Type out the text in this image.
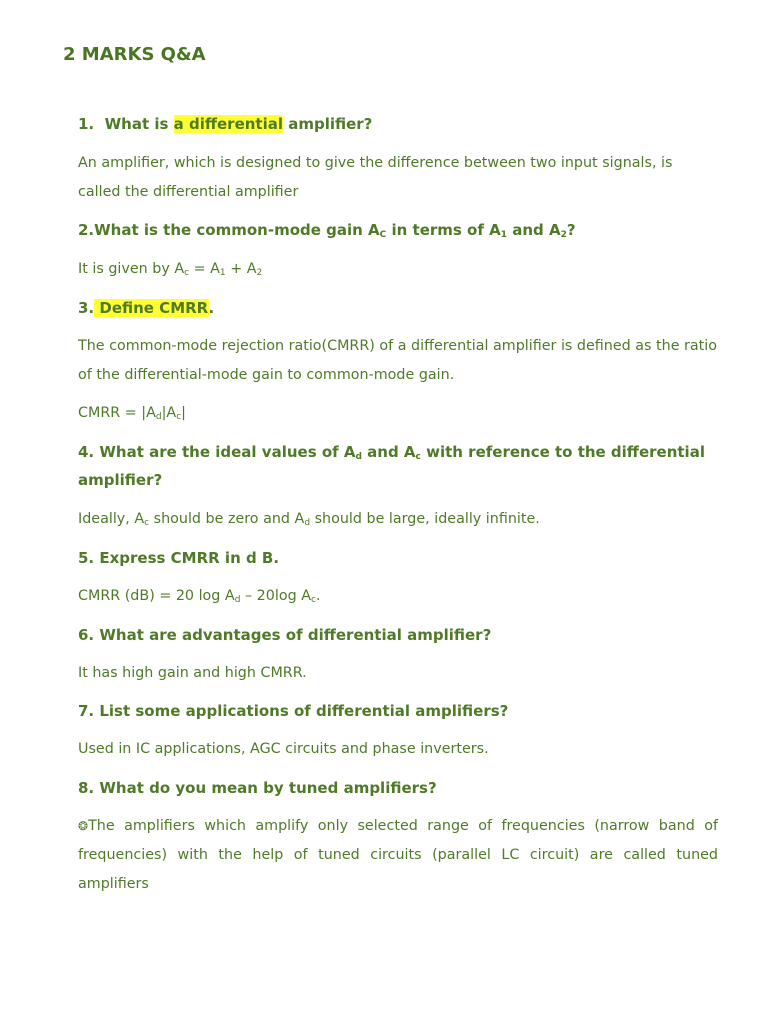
2 MARKS Q&A

1. What is a differential amplifier?

An amplifier, which is designed to give the difference between two input signals, is called the differential amplifier

2.What is the common-mode gain $A_C$ in terms of $A_1$ and $A_2$?

It is given by $A_c = A_1 + A_2$

3. Define CMRR.

The common-mode rejection ratio(CMRR) of a differential amplifier is defined as the ratio of the differential-mode gain to common-mode gain.

CMRR = $|A_d|A_c|$

4. What are the ideal values of $A_d$ and $A_c$ with reference to the differential amplifier?

Ideally, $A_c$ should be zero and $A_d$ should be large, ideally infinite.

5. Express CMRR in d B.

CMRR (dB) = 20 $\log A_d - 20\log$ $A_c$.

6. What are advantages of differential amplifier?

It has high gain and high CMRR.

7. List some applications of differential amplifiers?

Used in IC applications, AGC circuits and phase inverters.

8. What do you mean by tuned amplifiers?

❂The amplifiers which amplify only selected range of frequencies (narrow band of frequencies) with the help of tuned circuits (parallel LC circuit) are called tuned amplifiers
